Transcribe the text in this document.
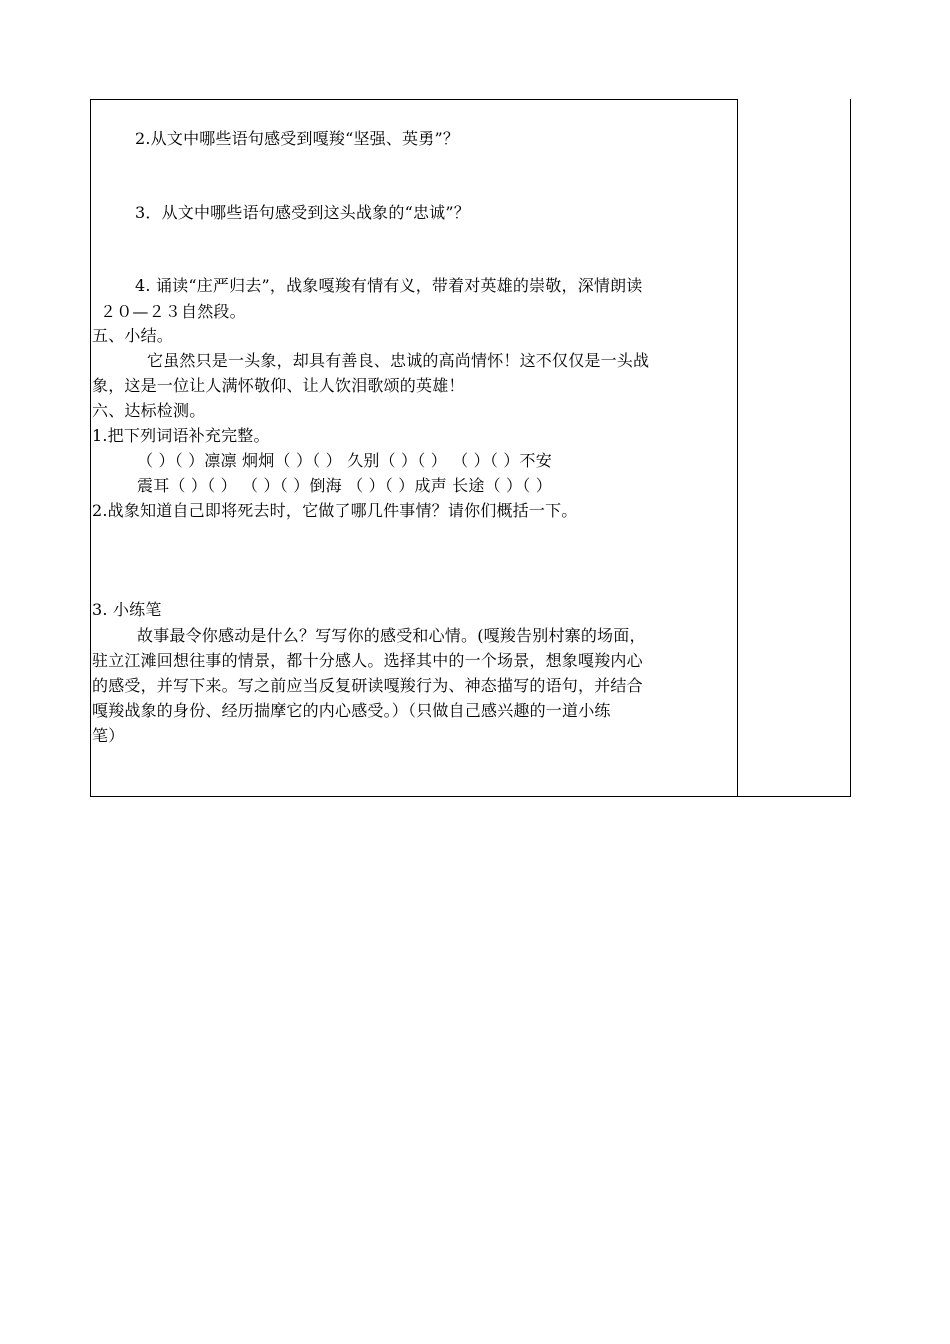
2.从文中哪些语句感受到嘎羧“坚强、英勇”？
3．从文中哪些语句感受到这头战象的“忠诚”？
4. 诵读“庄严归去”，战象嘎羧有情有义，带着对英雄的崇敬，深情朗读
２０—２３自然段。
五、小结。
它虽然只是一头象，却具有善良、忠诚的高尚情怀！这不仅仅是一头战
象，这是一位让人满怀敬仰、让人饮泪歌颂的英雄！
六、达标检测。
1.把下列词语补充完整。
（ ）（ ）凛凛 炯炯（ ）（ ） 久别（ ）（ ） （ ）（ ）不安
震耳（ ）（ ） （ ）（ ）倒海 （ ）（ ）成声 长途（ ）（ ）
2.战象知道自己即将死去时，它做了哪几件事情？请你们概括一下。
3. 小练笔
故事最令你感动是什么？写写你的感受和心情。(嘎羧告别村寨的场面，
驻立江滩回想往事的情景，都十分感人。选择其中的一个场景，想象嘎羧内心
的感受，并写下来。写之前应当反复研读嘎羧行为、神态描写的语句，并结合
嘎羧战象的身份、经历揣摩它的内心感受。）（只做自己感兴趣的一道小练
笔）
